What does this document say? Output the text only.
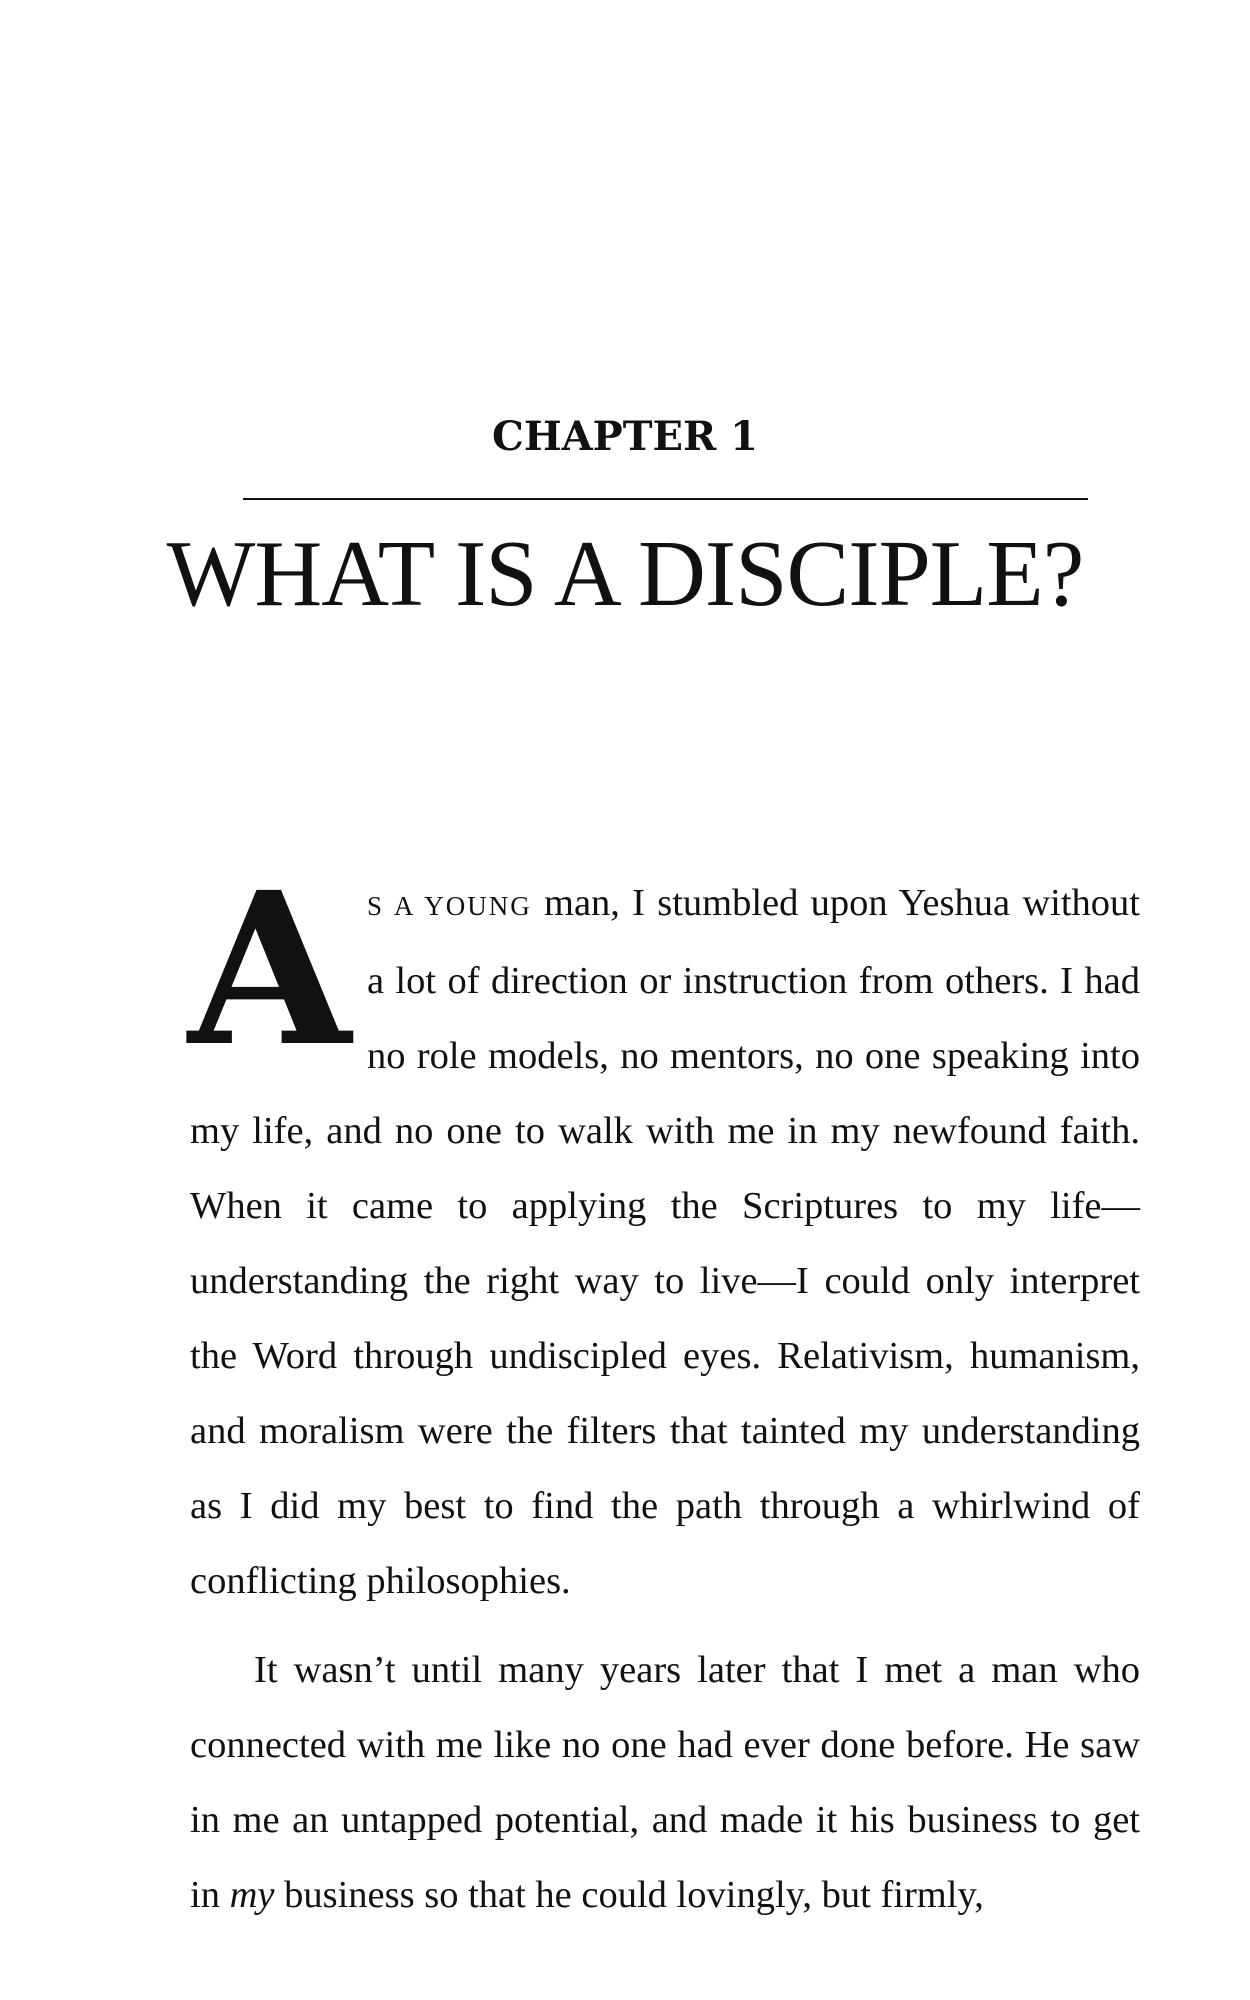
CHAPTER 1
WHAT IS A DISCIPLE?

A S A YOUNG man, I stumbled upon Yeshua without a lot of direction or instruction from others. I had no role models, no mentors, no one speaking into my life, and no one to walk with me in my newfound faith. When it came to applying the Scriptures to my life—understanding the right way to live—I could only interpret the Word through undiscipled eyes. Relativism, humanism, and moralism were the filters that tainted my understanding as I did my best to find the path through a whirlwind of conflicting philosophies.

It wasn’t until many years later that I met a man who connected with me like no one had ever done before. He saw in me an untapped potential, and made it his business to get in my business so that he could lovingly, but firmly,
